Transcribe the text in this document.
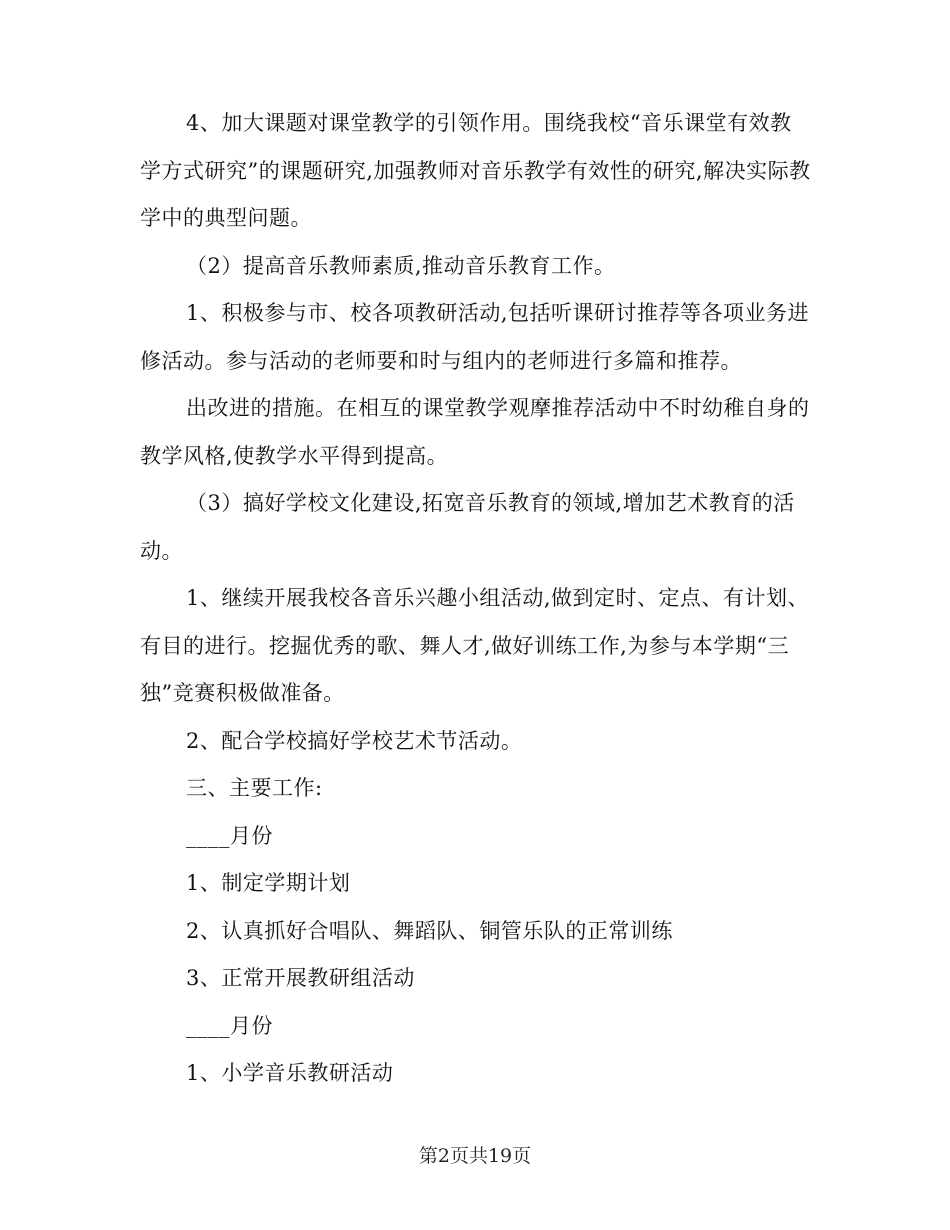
4、加大课题对课堂教学的引领作用。围绕我校“音乐课堂有效教学方式研究”的课题研究,加强教师对音乐教学有效性的研究,解决实际教学中的典型问题。

（2）提高音乐教师素质,推动音乐教育工作。

1、积极参与市、校各项教研活动,包括听课研讨推荐等各项业务进修活动。参与活动的老师要和时与组内的老师进行多篇和推荐。

出改进的措施。在相互的课堂教学观摩推荐活动中不时幼稚自身的教学风格,使教学水平得到提高。

（3）搞好学校文化建设,拓宽音乐教育的领域,增加艺术教育的活动。

1、继续开展我校各音乐兴趣小组活动,做到定时、定点、有计划、有目的进行。挖掘优秀的歌、舞人才,做好训练工作,为参与本学期“三独”竞赛积极做准备。

2、配合学校搞好学校艺术节活动。

三、主要工作:

____月份

1、制定学期计划

2、认真抓好合唱队、舞蹈队、铜管乐队的正常训练

3、正常开展教研组活动

____月份

1、小学音乐教研活动

第2页共19页
